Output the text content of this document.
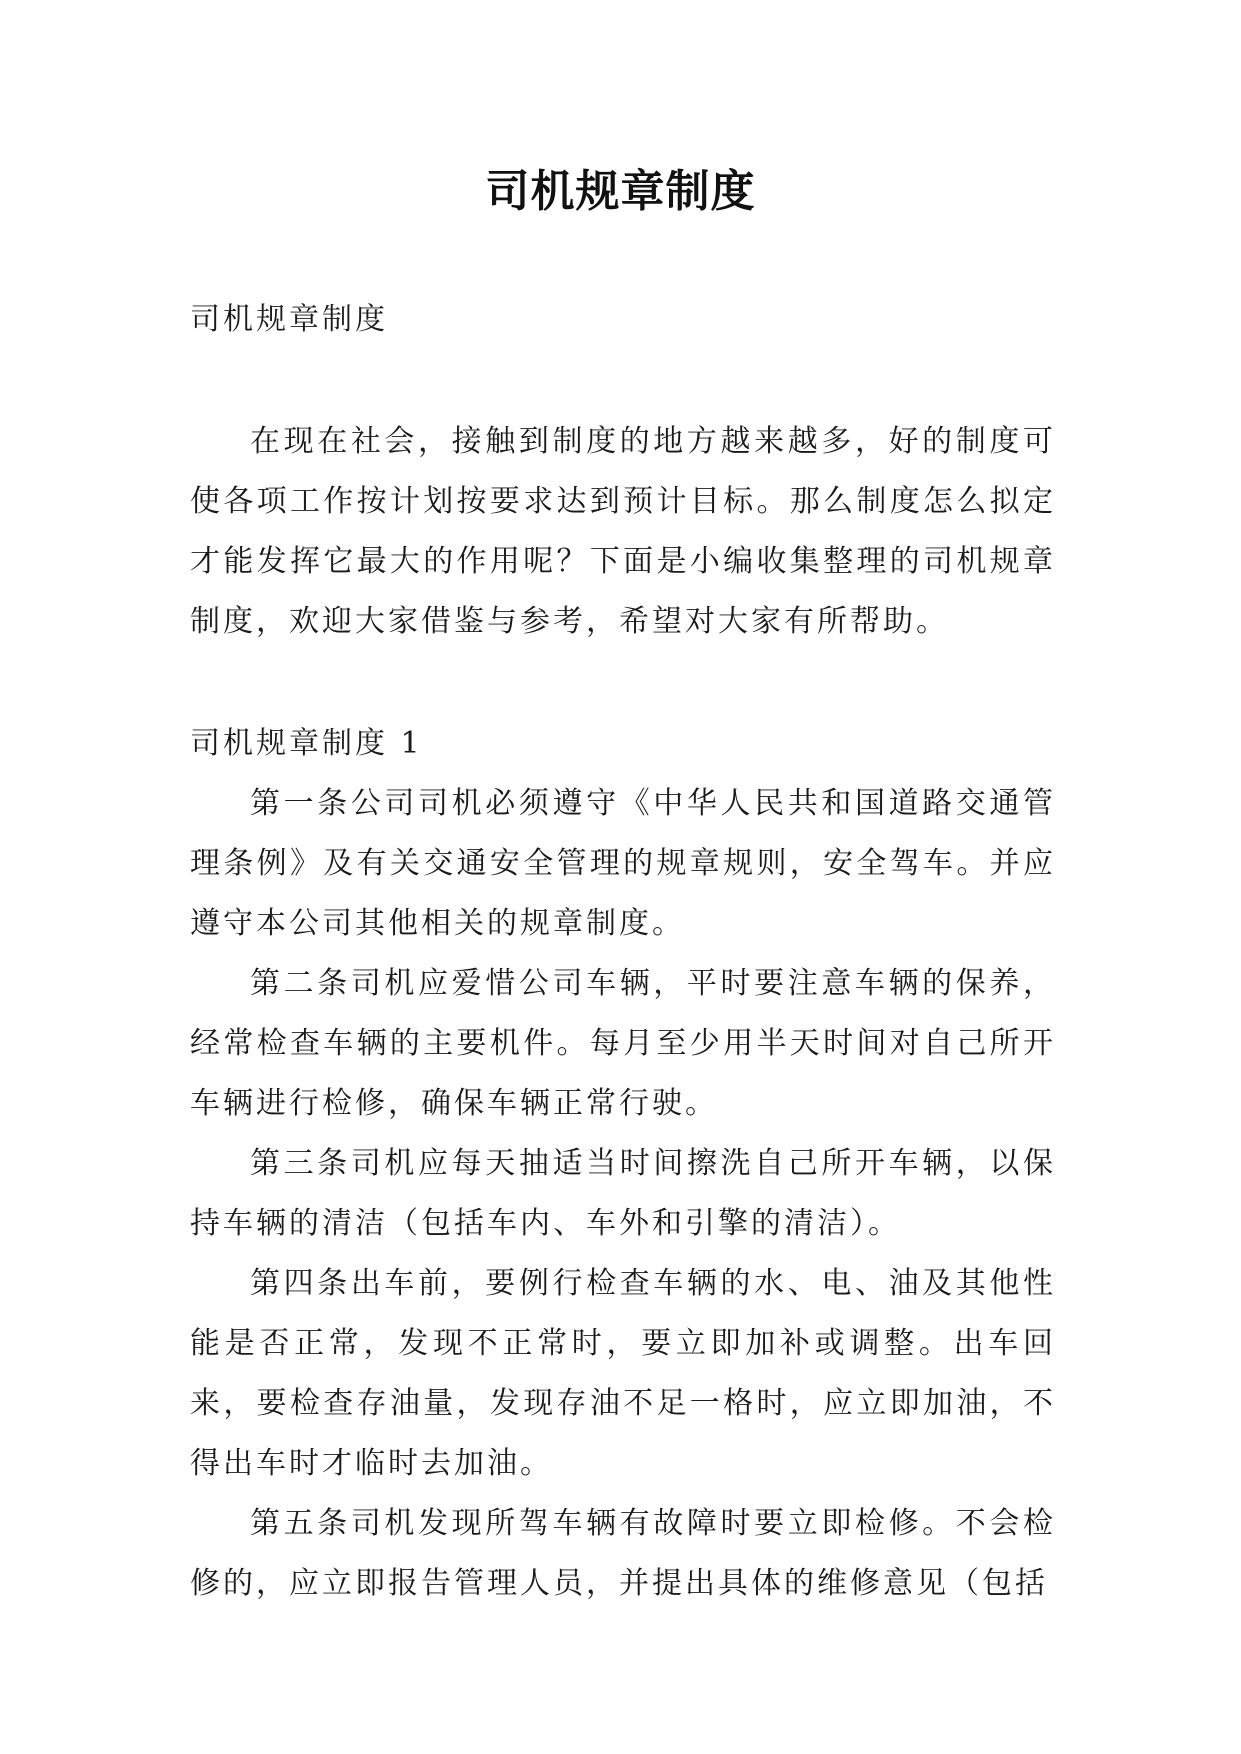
司机规章制度

司机规章制度

在现在社会，接触到制度的地方越来越多，好的制度可使各项工作按计划按要求达到预计目标。那么制度怎么拟定才能发挥它最大的作用呢？下面是小编收集整理的司机规章制度，欢迎大家借鉴与参考，希望对大家有所帮助。

司机规章制度 1

第一条公司司机必须遵守《中华人民共和国道路交通管理条例》及有关交通安全管理的规章规则，安全驾车。并应遵守本公司其他相关的规章制度。

第二条司机应爱惜公司车辆，平时要注意车辆的保养，经常检查车辆的主要机件。每月至少用半天时间对自己所开车辆进行检修，确保车辆正常行驶。

第三条司机应每天抽适当时间擦洗自己所开车辆，以保持车辆的清洁（包括车内、车外和引擎的清洁）。

第四条出车前，要例行检查车辆的水、电、油及其他性能是否正常，发现不正常时，要立即加补或调整。出车回来，要检查存油量，发现存油不足一格时，应立即加油，不得出车时才临时去加油。

第五条司机发现所驾车辆有故障时要立即检修。不会检修的，应立即报告管理人员，并提出具体的维修意见（包括
